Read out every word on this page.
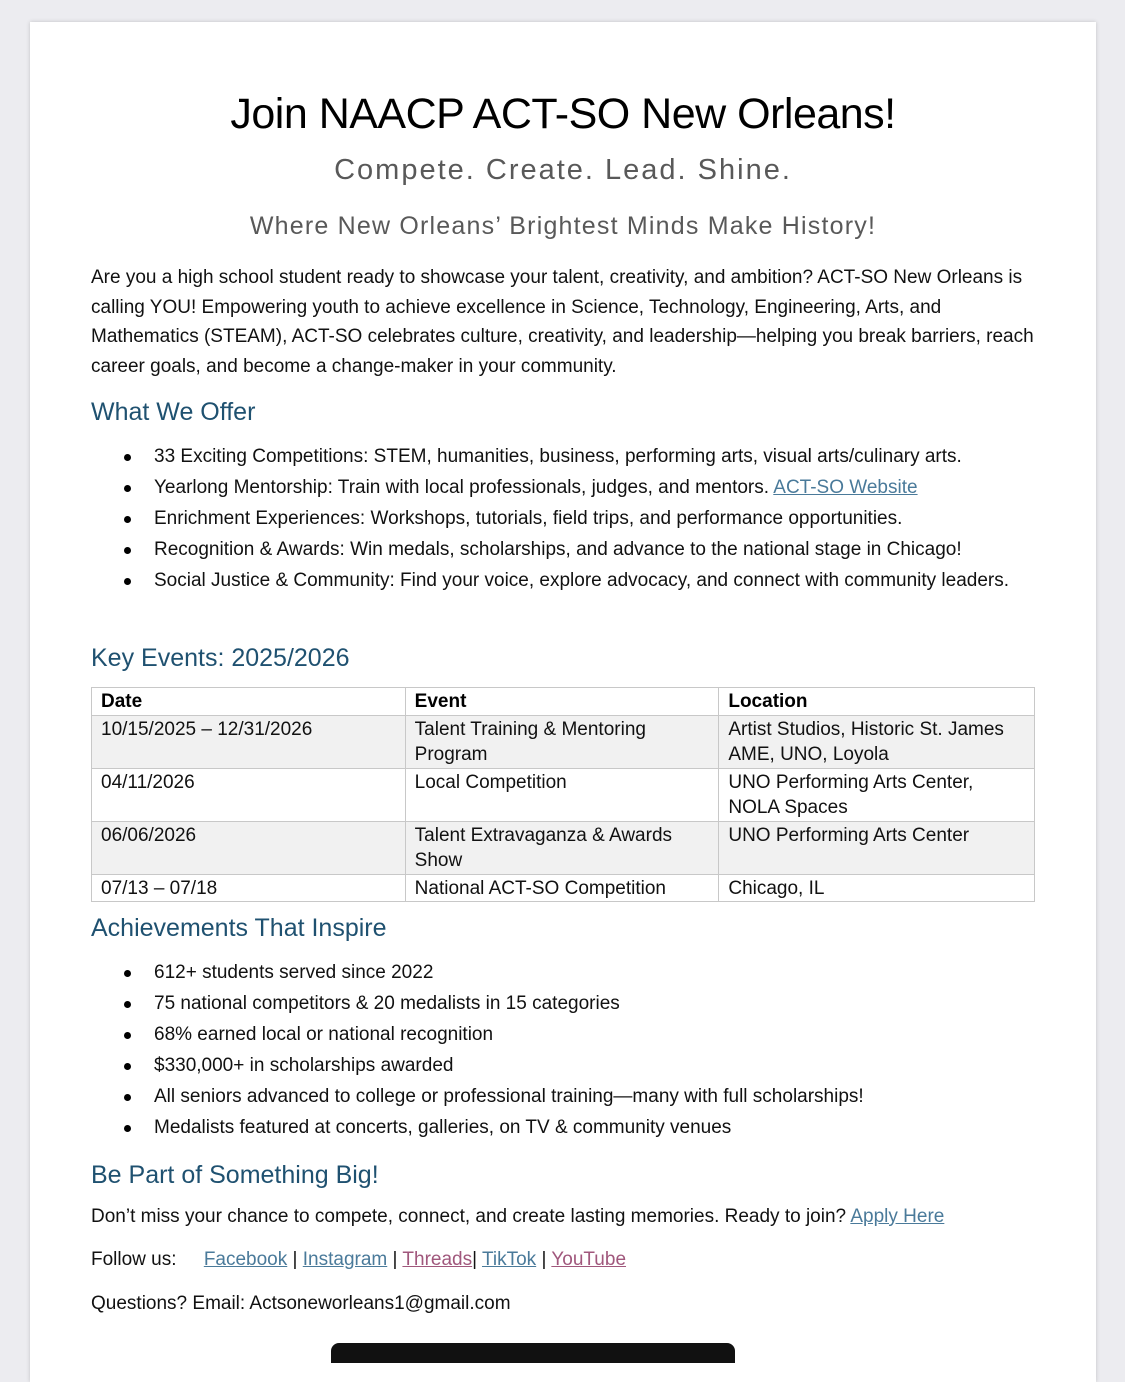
Join NAACP ACT-SO New Orleans!
Compete. Create. Lead. Shine.
Where New Orleans’ Brightest Minds Make History!

Are you a high school student ready to showcase your talent, creativity, and ambition? ACT-SO New Orleans is calling YOU! Empowering youth to achieve excellence in Science, Technology, Engineering, Arts, and Mathematics (STEAM), ACT-SO celebrates culture, creativity, and leadership—helping you break barriers, reach career goals, and become a change-maker in your community.

What We Offer
33 Exciting Competitions: STEM, humanities, business, performing arts, visual arts/culinary arts.
Yearlong Mentorship: Train with local professionals, judges, and mentors. ACT-SO Website
Enrichment Experiences: Workshops, tutorials, field trips, and performance opportunities.
Recognition & Awards: Win medals, scholarships, and advance to the national stage in Chicago!
Social Justice & Community: Find your voice, explore advocacy, and connect with community leaders.
Key Events: 2025/2026
Date	Event	Location
10/15/2025 – 12/31/2026	Talent Training & Mentoring Program	Artist Studios, Historic St. James AME, UNO, Loyola
04/11/2026	Local Competition	UNO Performing Arts Center, NOLA Spaces
06/06/2026	Talent Extravaganza & Awards Show	UNO Performing Arts Center
07/13 – 07/18	National ACT-SO Competition	Chicago, IL
Achievements That Inspire
612+ students served since 2022
75 national competitors & 20 medalists in 15 categories
68% earned local or national recognition
$330,000+ in scholarships awarded
All seniors advanced to college or professional training—many with full scholarships!
Medalists featured at concerts, galleries, on TV & community venues
Be Part of Something Big!

Don’t miss your chance to compete, connect, and create lasting memories. Ready to join? Apply Here

Follow us: Facebook | Instagram | Threads| TikTok | YouTube

Questions? Email: Actsoneworleans1@gmail.com
